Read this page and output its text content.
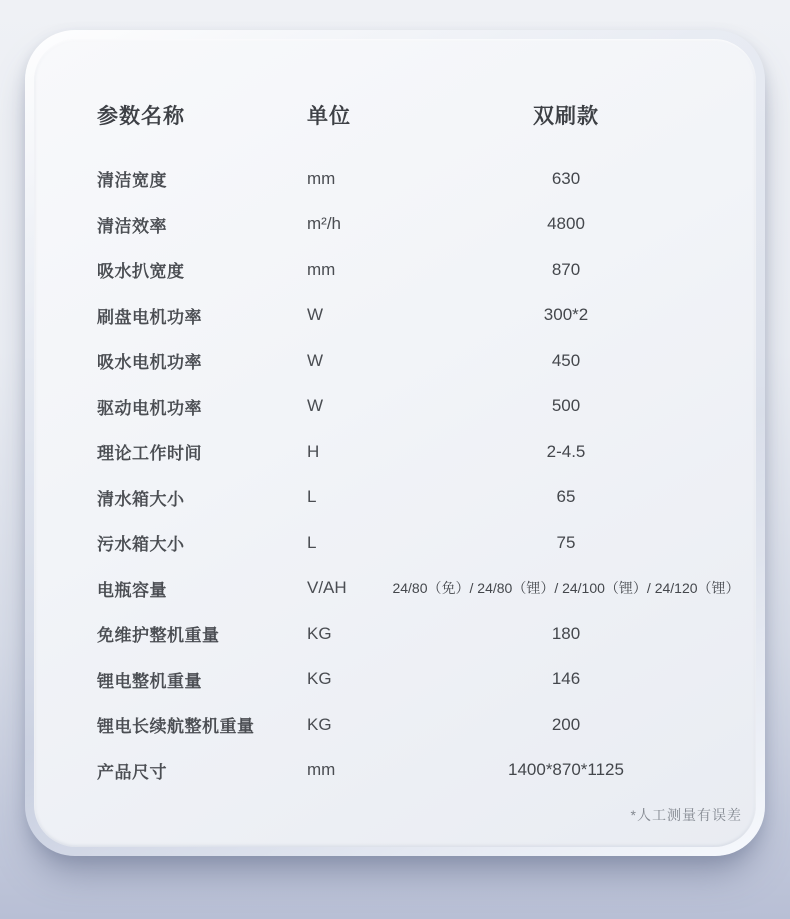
参数名称	单位	双刷款
清洁宽度	mm	630
清洁效率	m²/h	4800
吸水扒宽度	mm	870
刷盘电机功率	W	300*2
吸水电机功率	W	450
驱动电机功率	W	500
理论工作时间	H	2-4.5
清水箱大小	L	65
污水箱大小	L	75
电瓶容量	V/AH	24/80（免）/ 24/80（锂）/ 24/100（锂）/ 24/120（锂）
免维护整机重量	KG	180
锂电整机重量	KG	146
锂电长续航整机重量	KG	200
产品尺寸	mm	1400*870*1125
*人工测量有误差
